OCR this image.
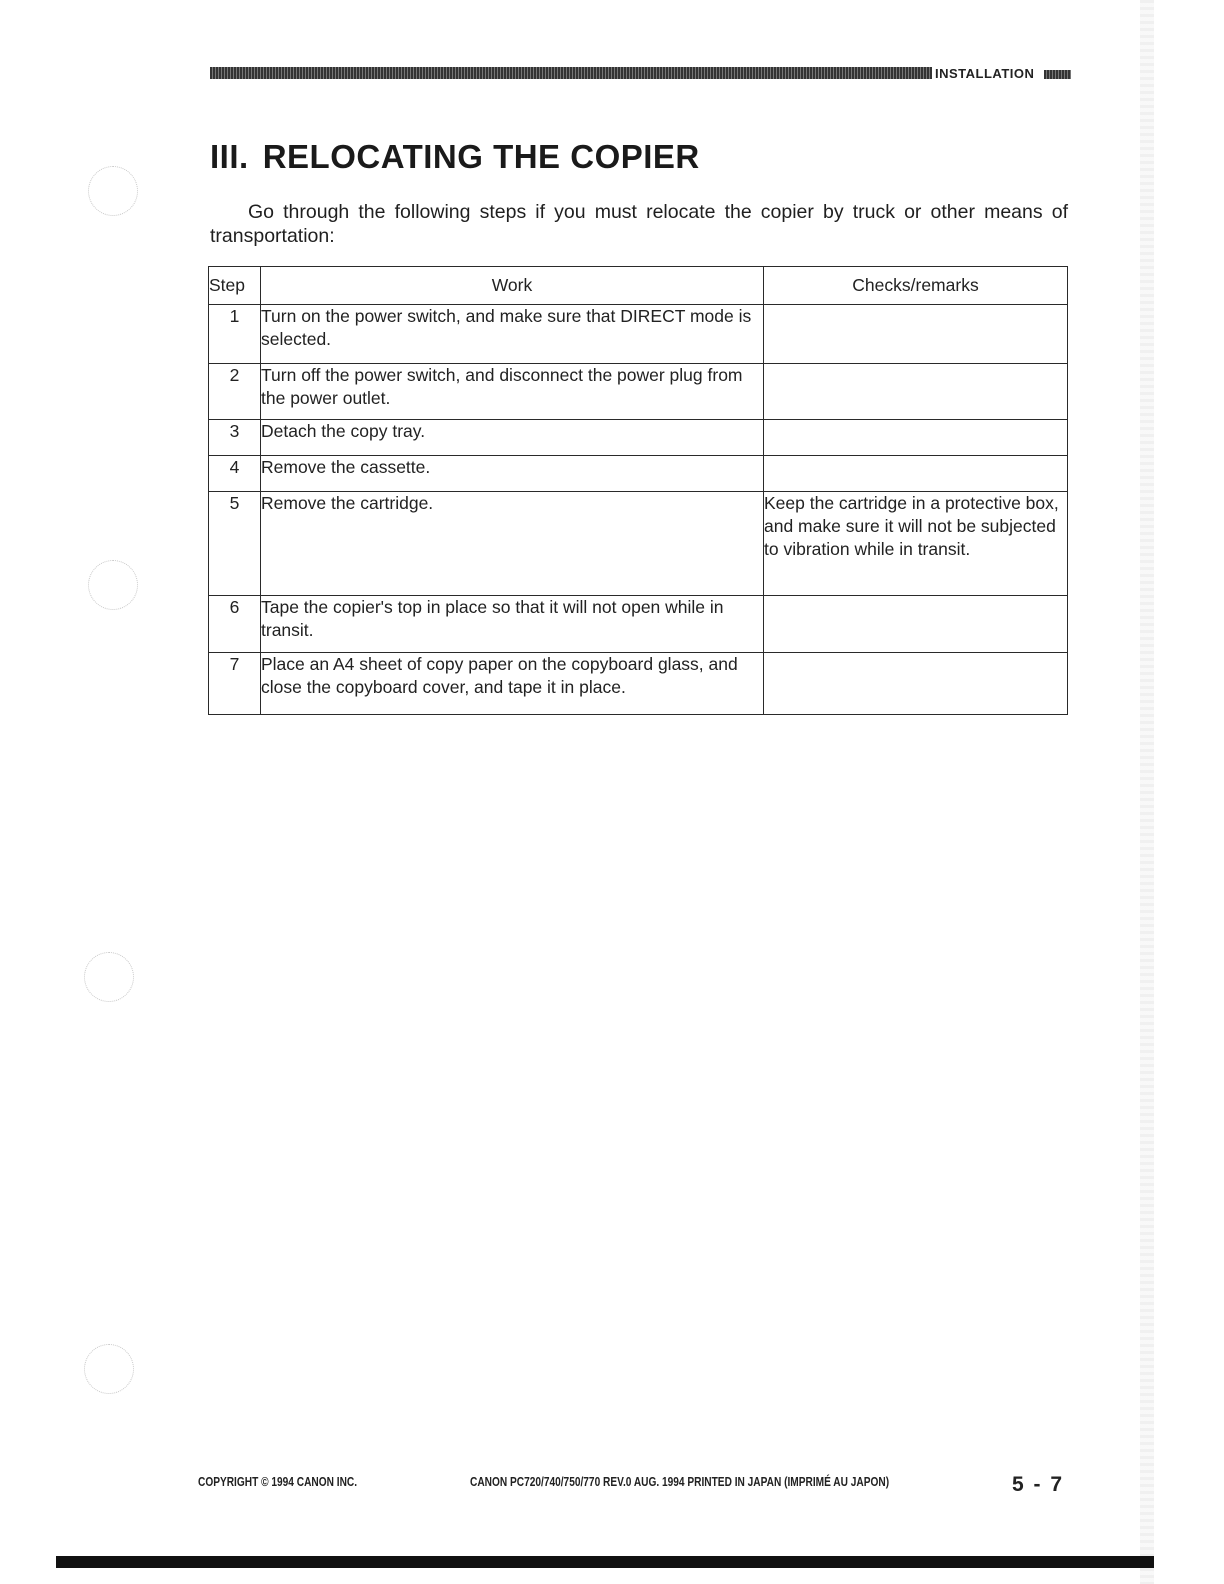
INSTALLATION
III. RELOCATING THE COPIER

Go through the following steps if you must relocate the copier by truck or other means of transportation:

Step	Work	Checks/remarks
1	Turn on the power switch, and make sure that DIRECT mode is selected.	
2	Turn off the power switch, and disconnect the power plug from the power outlet.	
3	Detach the copy tray.	
4	Remove the cassette.	
5	Remove the cartridge.	Keep the cartridge in a protective box, and make sure it will not be subjected to vibration while in transit.
6	Tape the copier's top in place so that it will not open while in transit.	
7	Place an A4 sheet of copy paper on the copyboard glass, and close the copyboard cover, and tape it in place.	
COPYRIGHT © 1994 CANON INC.	CANON PC720/740/750/770 REV.0 AUG. 1994 PRINTED IN JAPAN (IMPRIMÉ AU JAPON)	5 - 7
